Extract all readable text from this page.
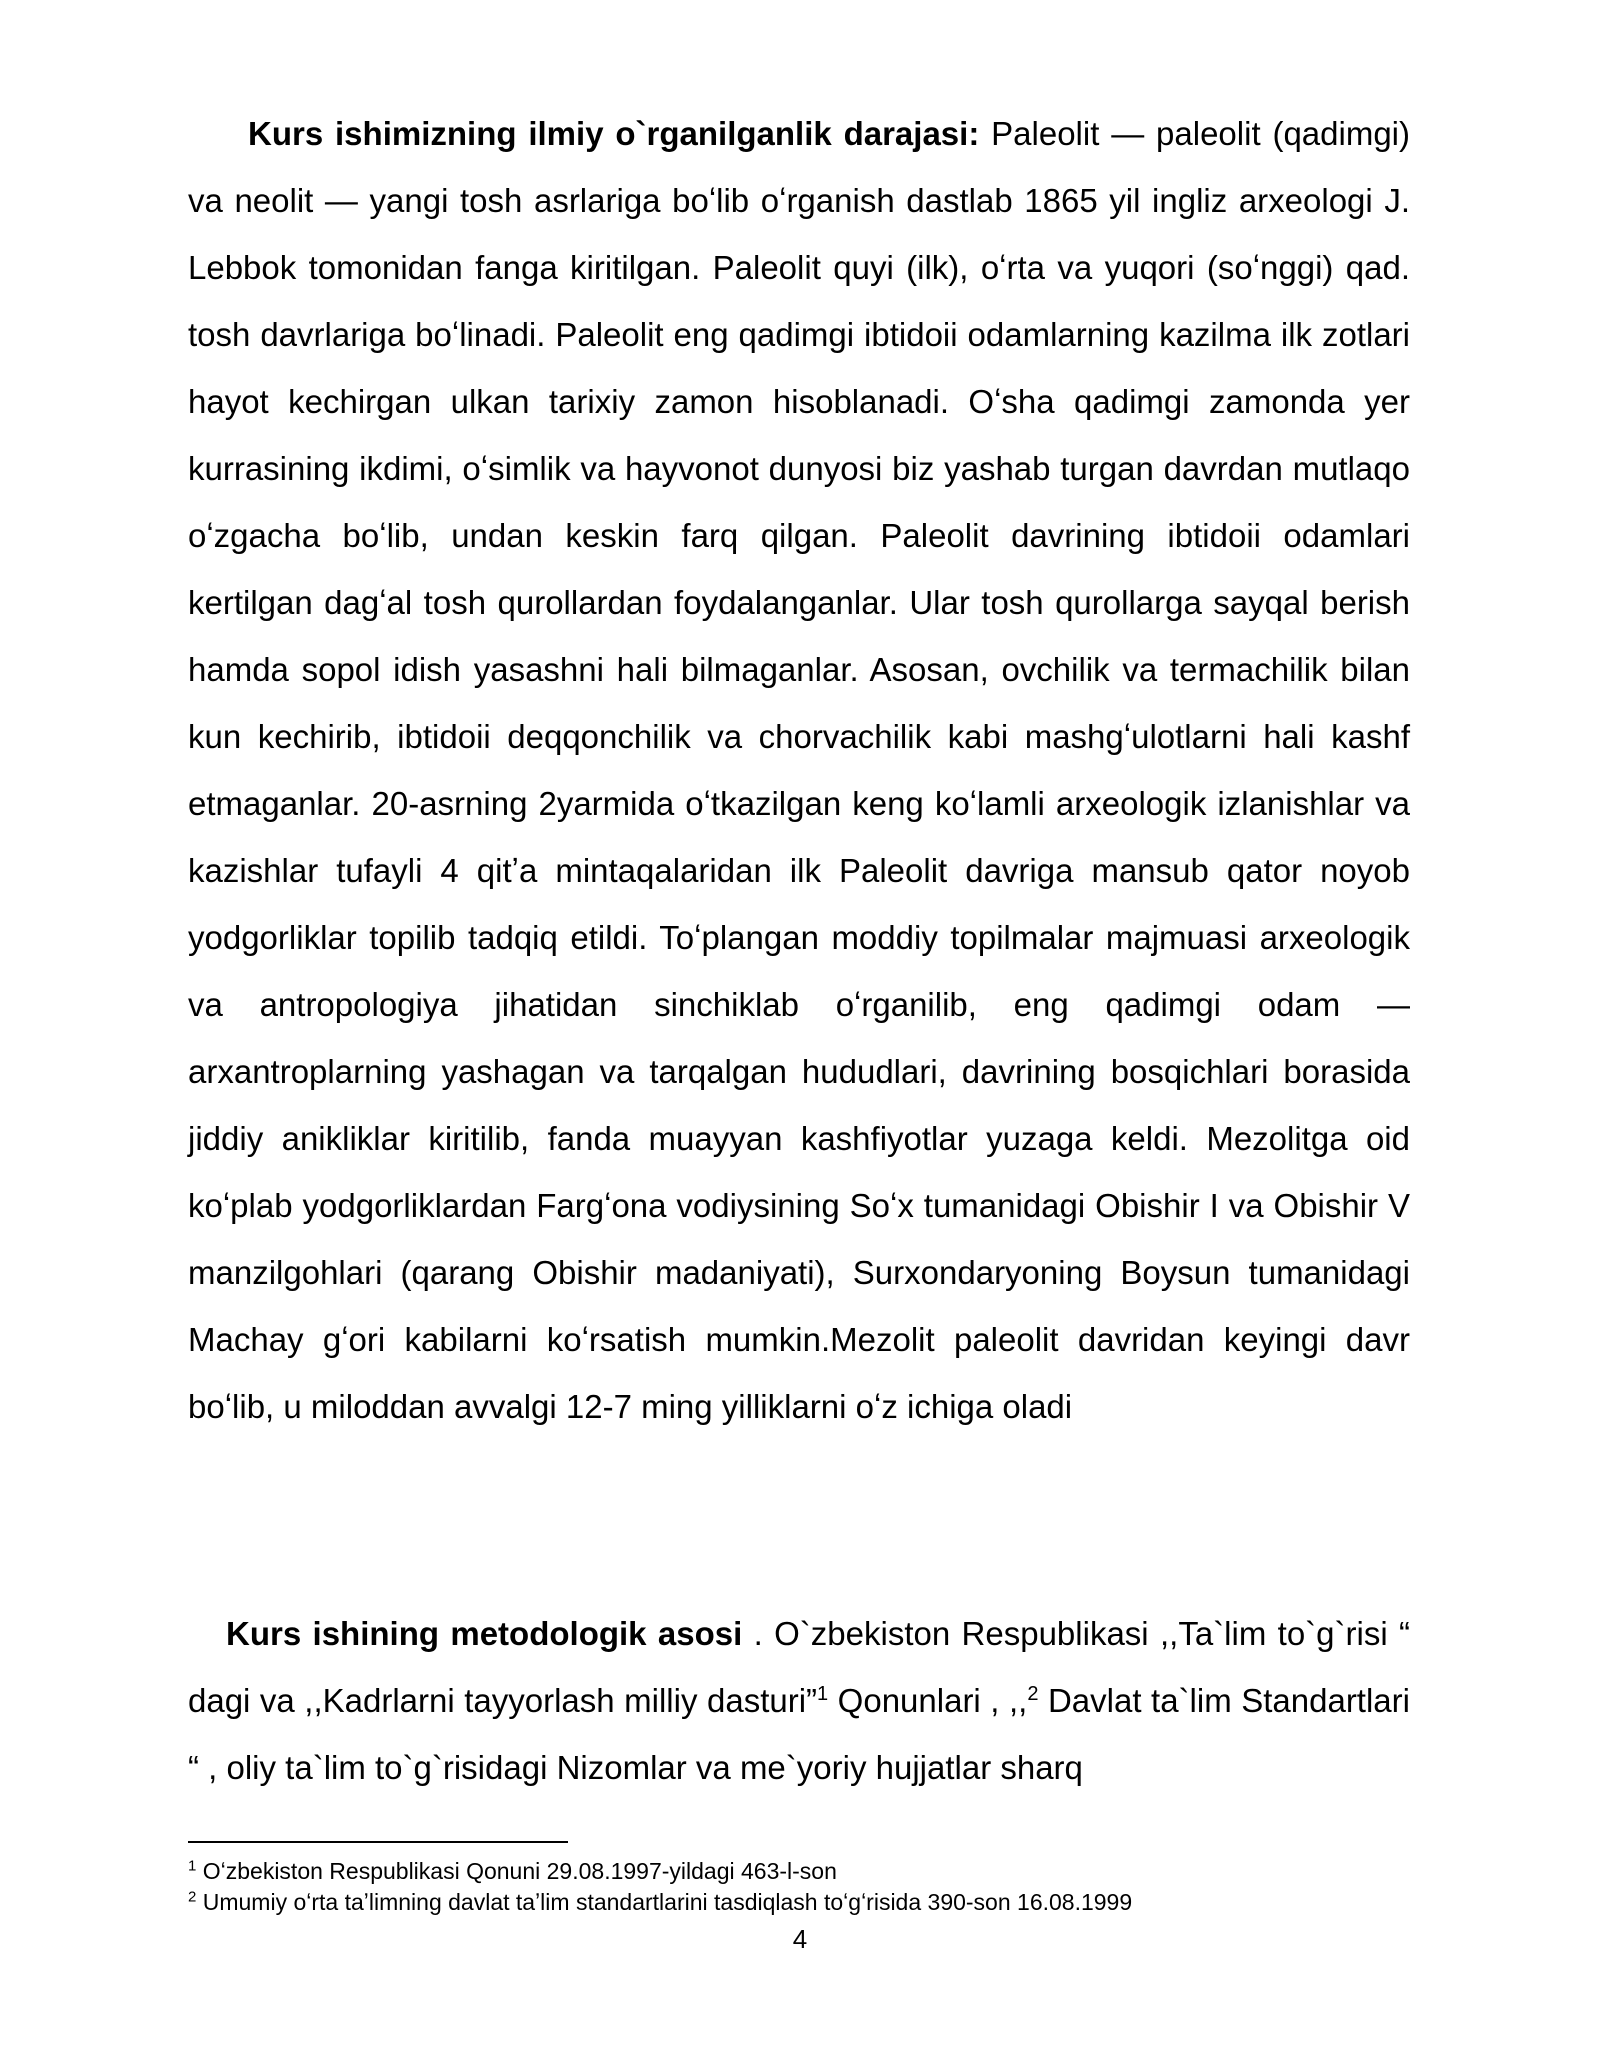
Kurs ishimizning ilmiy o`rganilganlik darajasi: Paleolit — paleolit (qadimgi) va neolit — yangi tosh asrlariga boʻlib oʻrganish dastlab 1865 yil ingliz arxeologi J. Lebbok tomonidan fanga kiritilgan. Paleolit quyi (ilk), oʻrta va yuqori (soʻnggi) qad. tosh davrlariga boʻlinadi. Paleolit eng qadimgi ibtidoii odamlarning kazilma ilk zotlari hayot kechirgan ulkan tarixiy zamon hisoblanadi. Oʻsha qadimgi zamonda yer kurrasining ikdimi, oʻsimlik va hayvonot dunyosi biz yashab turgan davrdan mutlaqo oʻzgacha boʻlib, undan keskin farq qilgan. Paleolit davrining ibtidoii odamlari kertilgan dagʻal tosh qurollardan foydalanganlar. Ular tosh qurollarga sayqal berish hamda sopol idish yasashni hali bilmaganlar. Asosan, ovchilik va termachilik bilan kun kechirib, ibtidoii deqqonchilik va chorvachilik kabi mashgʻulotlarni hali kashf etmaganlar. 20-asrning 2yarmida oʻtkazilgan keng koʻlamli arxeologik izlanishlar va kazishlar tufayli 4 qitʼa mintaqalaridan ilk Paleolit davriga mansub qator noyob yodgorliklar topilib tadqiq etildi. Toʻplangan moddiy topilmalar majmuasi arxeologik va antropologiya jihatidan sinchiklab oʻrganilib, eng qadimgi odam — arxantroplarning yashagan va tarqalgan hududlari, davrining bosqichlari borasida jiddiy anikliklar kiritilib, fanda muayyan kashfiyotlar yuzaga keldi. Mezolitga oid koʻplab yodgorliklardan Fargʻona vodiysining Soʻx tumanidagi Obishir I va Obishir V manzilgohlari (qarang Obishir madaniyati), Surxondaryoning Boysun tumanidagi Machay gʻori kabilarni koʻrsatish mumkin.Mezolit paleolit davridan keyingi davr boʻlib, u miloddan avvalgi 12-7 ming yilliklarni oʻz ichiga oladi

Kurs ishining metodologik asosi . O`zbekiston Respublikasi ,,Ta`lim to`g`risi “ dagi va ,,Kadrlarni tayyorlash milliy dasturi”$^1$ Qonunlari , ,,$^2$ Davlat ta`lim Standartlari “ , oliy ta`lim to`g`risidagi Nizomlar va me`yoriy hujjatlar sharq

$^1$ Oʻzbekiston Respublikasi Qonuni 29.08.1997-yildagi 463-l-son

$^2$ Umumiy oʻrta taʼlimning davlat taʼlim standartlarini tasdiqlash toʻgʻrisida 390-son 16.08.1999

4
